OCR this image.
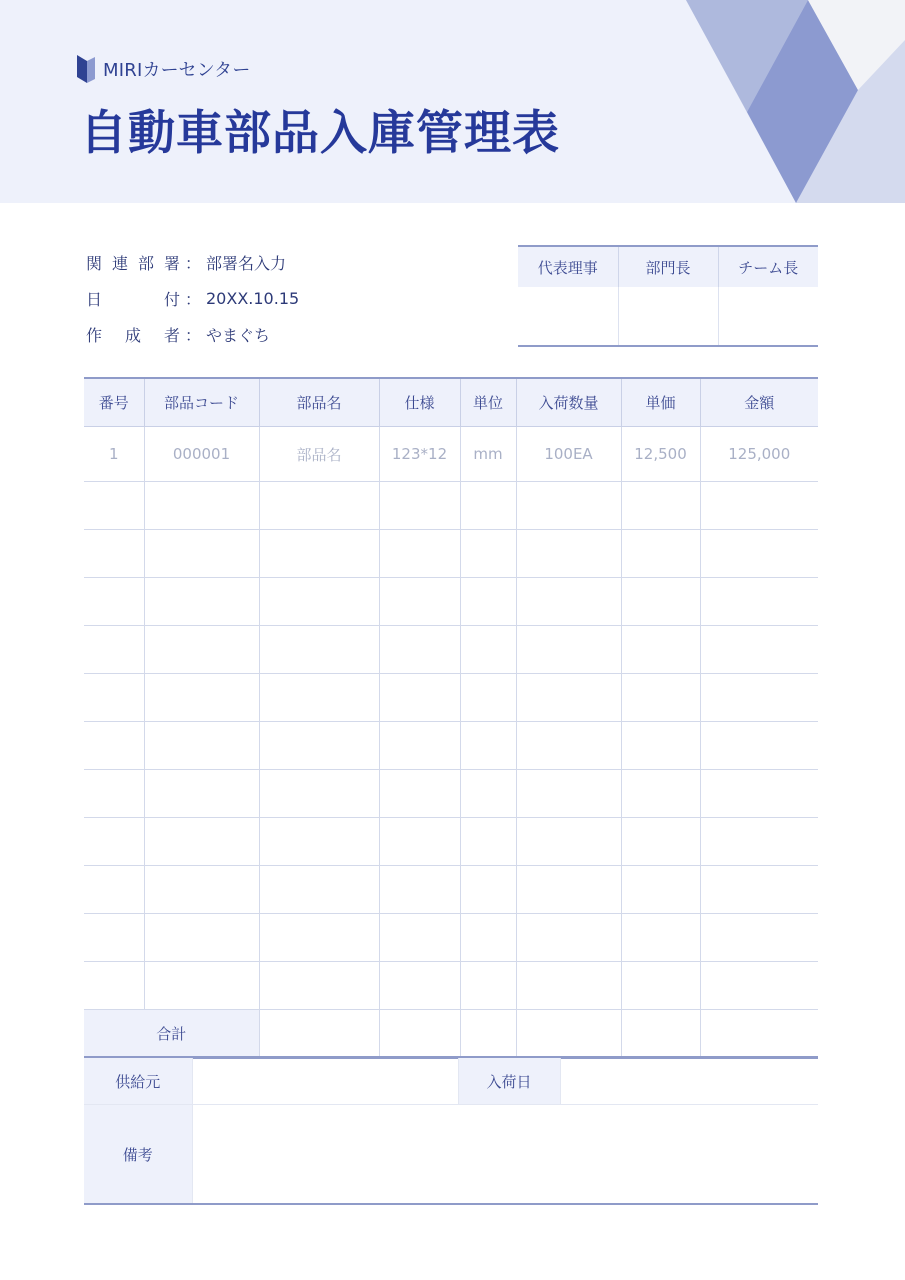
MIRIカーセンター
自動車部品入庫管理表
関 連 部 署 ： 部署名入力
日	付 ： 20XX.10.15
作 成 者 ： やまぐち
代表理事	部門長	チーム長

番号	部品コード	部品名	仕様	単位	入荷数量	単価	金額
1	000001	部品名	123*12	mm	100EA	12,500	125,000

合計							
供給元		入荷日	
備考			
